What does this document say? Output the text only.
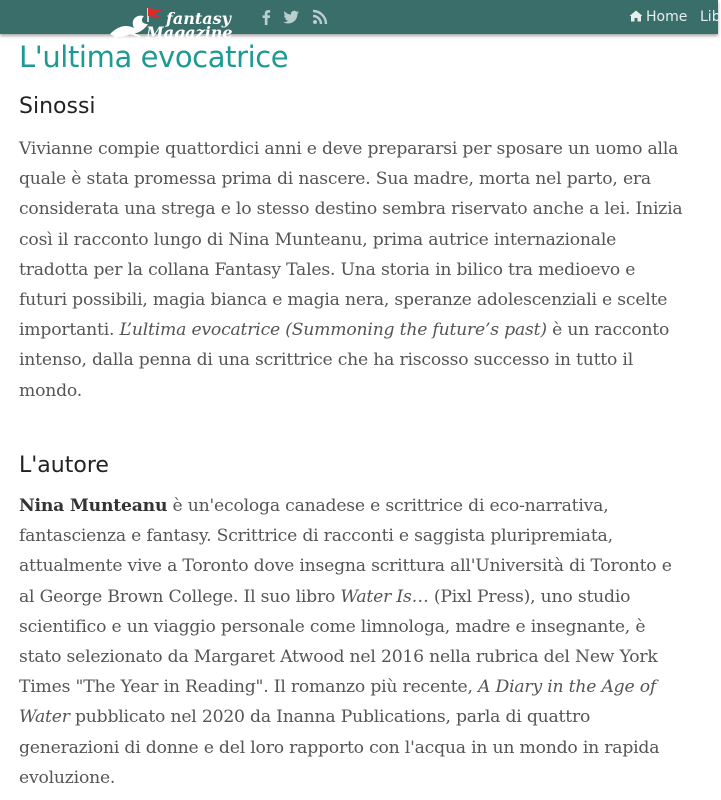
fantasy
Magazine
Home Lib
L'ultima evocatrice
Sinossi

Vivianne compie quattordici anni e deve prepararsi per sposare un uomo alla
quale è stata promessa prima di nascere. Sua madre, morta nel parto, era
considerata una strega e lo stesso destino sembra riservato anche a lei. Inizia
così il racconto lungo di Nina Munteanu, prima autrice internazionale
tradotta per la collana Fantasy Tales. Una storia in bilico tra medioevo e
futuri possibili, magia bianca e magia nera, speranze adolescenziali e scelte
importanti. L’ultima evocatrice (Summoning the future’s past) è un racconto
intenso, dalla penna di una scrittrice che ha riscosso successo in tutto il
mondo.

L'autore

Nina Munteanu è un'ecologa canadese e scrittrice di eco-narrativa,
fantascienza e fantasy. Scrittrice di racconti e saggista pluripremiata,
attualmente vive a Toronto dove insegna scrittura all'Università di Toronto e
al George Brown College. Il suo libro Water Is… (Pixl Press), uno studio
scientifico e un viaggio personale come limnologa, madre e insegnante, è
stato selezionato da Margaret Atwood nel 2016 nella rubrica del New York
Times "The Year in Reading". Il romanzo più recente, A Diary in the Age of
Water pubblicato nel 2020 da Inanna Publications, parla di quattro
generazioni di donne e del loro rapporto con l'acqua in un mondo in rapida
evoluzione.
